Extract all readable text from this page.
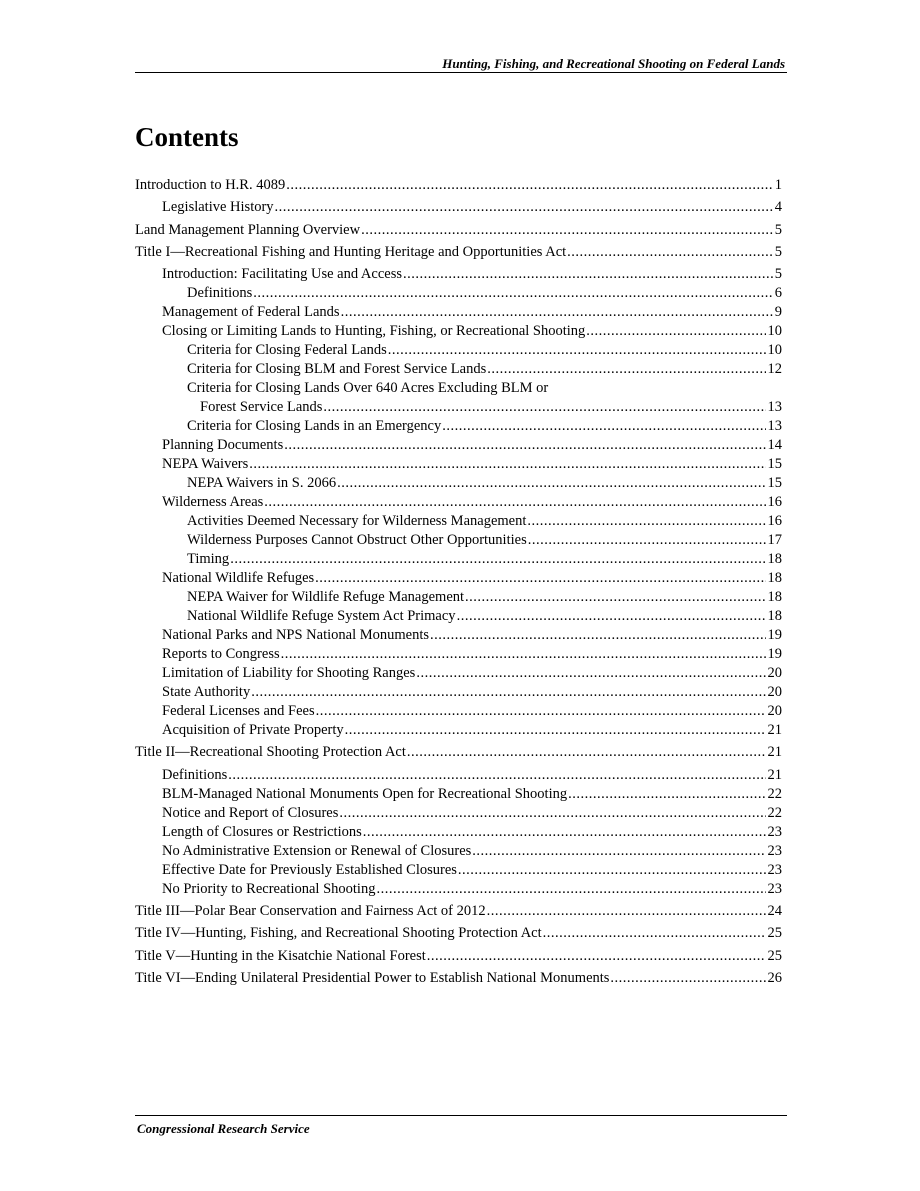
Hunting, Fishing, and Recreational Shooting on Federal Lands
Contents
Introduction to H.R. 4089 .....	1
Legislative History .....	4
Land Management Planning Overview .....	5
Title I—Recreational Fishing and Hunting Heritage and Opportunities Act .....	5
Introduction: Facilitating Use and Access .....	5
Definitions .....	6
Management of Federal Lands .....	9
Closing or Limiting Lands to Hunting, Fishing, or Recreational Shooting .....	10
Criteria for Closing Federal Lands .....	10
Criteria for Closing BLM and Forest Service Lands .....	12
Criteria for Closing Lands Over 640 Acres Excluding BLM or
Forest Service Lands .....	13
Criteria for Closing Lands in an Emergency .....	13
Planning Documents .....	14
NEPA Waivers .....	15
NEPA Waivers in S. 2066 .....	15
Wilderness Areas .....	16
Activities Deemed Necessary for Wilderness Management .....	16
Wilderness Purposes Cannot Obstruct Other Opportunities .....	17
Timing .....	18
National Wildlife Refuges .....	18
NEPA Waiver for Wildlife Refuge Management .....	18
National Wildlife Refuge System Act Primacy .....	18
National Parks and NPS National Monuments .....	19
Reports to Congress .....	19
Limitation of Liability for Shooting Ranges .....	20
State Authority .....	20
Federal Licenses and Fees .....	20
Acquisition of Private Property .....	21
Title II—Recreational Shooting Protection Act .....	21
Definitions .....	21
BLM-Managed National Monuments Open for Recreational Shooting .....	22
Notice and Report of Closures .....	22
Length of Closures or Restrictions .....	23
No Administrative Extension or Renewal of Closures .....	23
Effective Date for Previously Established Closures .....	23
No Priority to Recreational Shooting .....	23
Title III—Polar Bear Conservation and Fairness Act of 2012 .....	24
Title IV—Hunting, Fishing, and Recreational Shooting Protection Act .....	25
Title V—Hunting in the Kisatchie National Forest .....	25
Title VI—Ending Unilateral Presidential Power to Establish National Monuments .....	26
Congressional Research Service
